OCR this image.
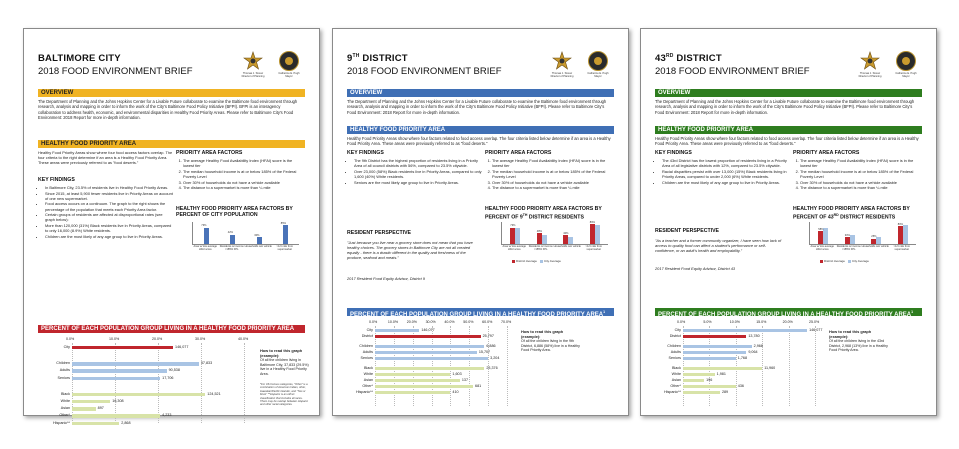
BALTIMORE CITY
2018 FOOD ENVIRONMENT BRIEF	Thomas J. Stosur Director of Planning
Catherine E. Pugh Mayor
OVERVIEW
The Department of Planning and the Johns Hopkins Center for a Livable Future collaborate to examine the Baltimore food environment through research, analysis and mapping in order to inform the work of the City's Baltimore Food Policy Initiative (BFPI). BFPI is an interagency collaboration to address health, economic, and environmental disparities in Healthy Food Priority Areas. Please refer to Baltimore City's Food Environment: 2018 Report for more in-depth information.
HEALTHY FOOD PRIORITY AREA
Healthy Food Priority Areas show where four food access factors overlap. The four criteria to the right determine if an area is a Healthy Food Priority Area. These areas were previously referred to as "food deserts."
KEY FINDINGS
• In Baltimore City, 23.5% of residents live in Healthy Food Priority Areas.
• Since 2015, at least 5,900 fewer residents live in Priority Areas on account of one new supermarket.
• Food access occurs on a continuum. The graph to the right shows the percentage of the population that meets each Priority Area factor.
• Certain groups of residents are affected at disproportional rates (see graph below):
• More than 120,000 (31%) Black residents live in Priority Areas, compared to only 16,000 (8.9%) White residents.
• Children are the most likely of any age group to live in Priority Areas.
PRIORITY AREA FACTORS
1. The average Healthy Food Availability Index (HFAI) score is the lowest tier
2. The median household income is at or below 185% of the Federal Poverty Level
3. Over 30% of households do not have a vehicle available
4. The distance to a supermarket is more than ¼ mile
HEALTHY FOOD PRIORITY AREA FACTORS BY PERCENT OF CITY POPULATION
73%
42%
30%
85%
Area w/ low average HFAI score
Residents w/ income <185% FPL
Households w/o vehicle	>1/4 mile from supermarket
PERCENT OF EACH POPULATION GROUP LIVING IN A HEALTHY FOOD PRIORITY AREA
0.0%	10.0%	20.0%	30.0%	40.0%
City	146,077
Children	37,833
Adults	90,538
Seniors	17,706
Black	124,521
White	16,308
Asian	897
Other*	4,233
Hispanic**	2,868
How to read this graph (example):
Of all the children living in Baltimore City, 37,833 (29.5%) live in a Healthy Food Priority Area.
*For US Census categories, "Other" is a combination of American Indian, other, Hawaiian/Pacific Islander, and "Two or More" **Hispanic is an ethnic classification that includes all races. There may be overlap between Hispanic and other racial categories.
9TH DISTRICT
2018 FOOD ENVIRONMENT BRIEF	Thomas J. Stosur Director of Planning
Catherine E. Pugh Mayor
OVERVIEW
The Department of Planning and the Johns Hopkins Center for a Livable Future collaborate to examine the Baltimore food environment through research, analysis and mapping in order to inform the work of the City's Baltimore Food Policy Initiative (BFPI). Please refer to Baltimore City's Food Environment: 2018 Report for more in-depth information.
HEALTHY FOOD PRIORITY AREA
Healthy Food Priority Areas show where four factors related to food access overlap. The four criteria listed below determine if an area is a Healthy Food Priority Area. These areas were previously referred to as "food deserts."
KEY FINDINGS
• The 9th District has the highest proportion of residents living in a Priority Area of all council districts with 56%, compared to 23.5% citywide.
• Over 23,000 (58%) Black residents live in Priority Areas, compared to only 1,600 (40%) White residents.
• Seniors are the most likely age group to live in Priority Areas.
RESIDENT PERSPECTIVE
"Just because you live near a grocery store does not mean that you have healthy choices. The grocery stores in Baltimore City are not all created equally - there is a drastic different in the quality and freshness of the produce, seafood and meats."
2017 Resident Food Equity Advisor, District 9
PRIORITY AREA FACTORS
1. The average Healthy Food Availability Index (HFAI) score is in the lowest tier
2. The median household income is at or below 185% of the Federal Poverty Level
3. Over 30% of households do not have a vehicle available
4. The distance to a supermarket is more than ¼ mile
HEALTHY FOOD PRIORITY AREA FACTORS BY PERCENT OF 9TH DISTRICT RESIDENTS
73%
48%
40%
89%
Area w/ low average HFAI score
Residents w/ income <185% FPL
Households w/o vehicle	>1/4 mile from supermarket
District Average City Average
PERCENT OF EACH POPULATION GROUP LIVING IN A HEALTHY FOOD PRIORITY AREA$^1$
0.0%	10.0% 20.0% 30.0% 40.0% 50.0% 60.0% 70.0%
City	146,077
District	25,797
Children	6,886
Adults	15,707
Seniors	3,204
Black	23,376
White	1,603
Asian	137
Other*	681
Hispanic**	410
How to read this graph (example):
Of all the children living in the 9th District, 6,886 (58%) live in a Healthy Food Priority Area.
43RD DISTRICT
2018 FOOD ENVIRONMENT BRIEF	Thomas J. Stosur Director of Planning
Catherine E. Pugh Mayor
OVERVIEW
The Department of Planning and the Johns Hopkins Center for a Livable Future collaborate to examine the Baltimore food environment through research, analysis and mapping in order to inform the work of the City's Baltimore Food Policy Initiative (BFPI). Please refer to Baltimore City's Food Environment: 2018 Report for more in-depth information.
HEALTHY FOOD PRIORITY AREA
Healthy Food Priority Areas show where four factors related to food access overlap. The four criteria listed below determine if an area is a Healthy Food Priority Area. These areas were previously referred to as "food deserts."
KEY FINDINGS
• The 43rd District has the lowest proportion of residents living in a Priority Area of all legislative districts with 12%, compared to 23.5% citywide.
• Racial disparities persist with over 13,000 (15%) Black residents living in Priority Areas, compared to under 2,000 (6%) White residents.
• Children are the most likely of any age group to live in Priority Areas.
RESIDENT PERSPECTIVE
"As a teacher and a former community organizer, I have seen how lack of access to quality food can affect a student's performance or self-confidence, or an adult's health and employability."
2017 Resident Food Equity Advisor, District 43
PRIORITY AREA FACTORS
1. The average Healthy Food Availability Index (HFAI) score is in the lowest tier
2. The median household income is at or below 185% of the Federal Poverty Level
3. Over 30% of households do not have a vehicle available
4. The distance to a supermarket is more than ¼ mile
HEALTHY FOOD PRIORITY AREA FACTORS BY PERCENT OF 43RD DISTRICT RESIDENTS
58%
30%	25%
80%
Area w/ low average HFAI score
Residents w/ income <185% FPL
Households w/o vehicle	>1/4 mile from supermarket
District Average City Average
PERCENT OF EACH POPULATION GROUP LIVING IN A HEALTHY FOOD PRIORITY AREA$^1$
0.0%	5.0%	10.0%	15.0%	20.0%	25.0%
City	146,077
District	13,780
Children	2,968
Adults	9,064
Seniors	1,768
Black	11,960
White	1,981
Asian	196
Other*	436
Hispanic**	289
How to read this graph (example):
Of all the children living in the 43rd District, 2,968 (13%) live in a Healthy Food Priority Area.
